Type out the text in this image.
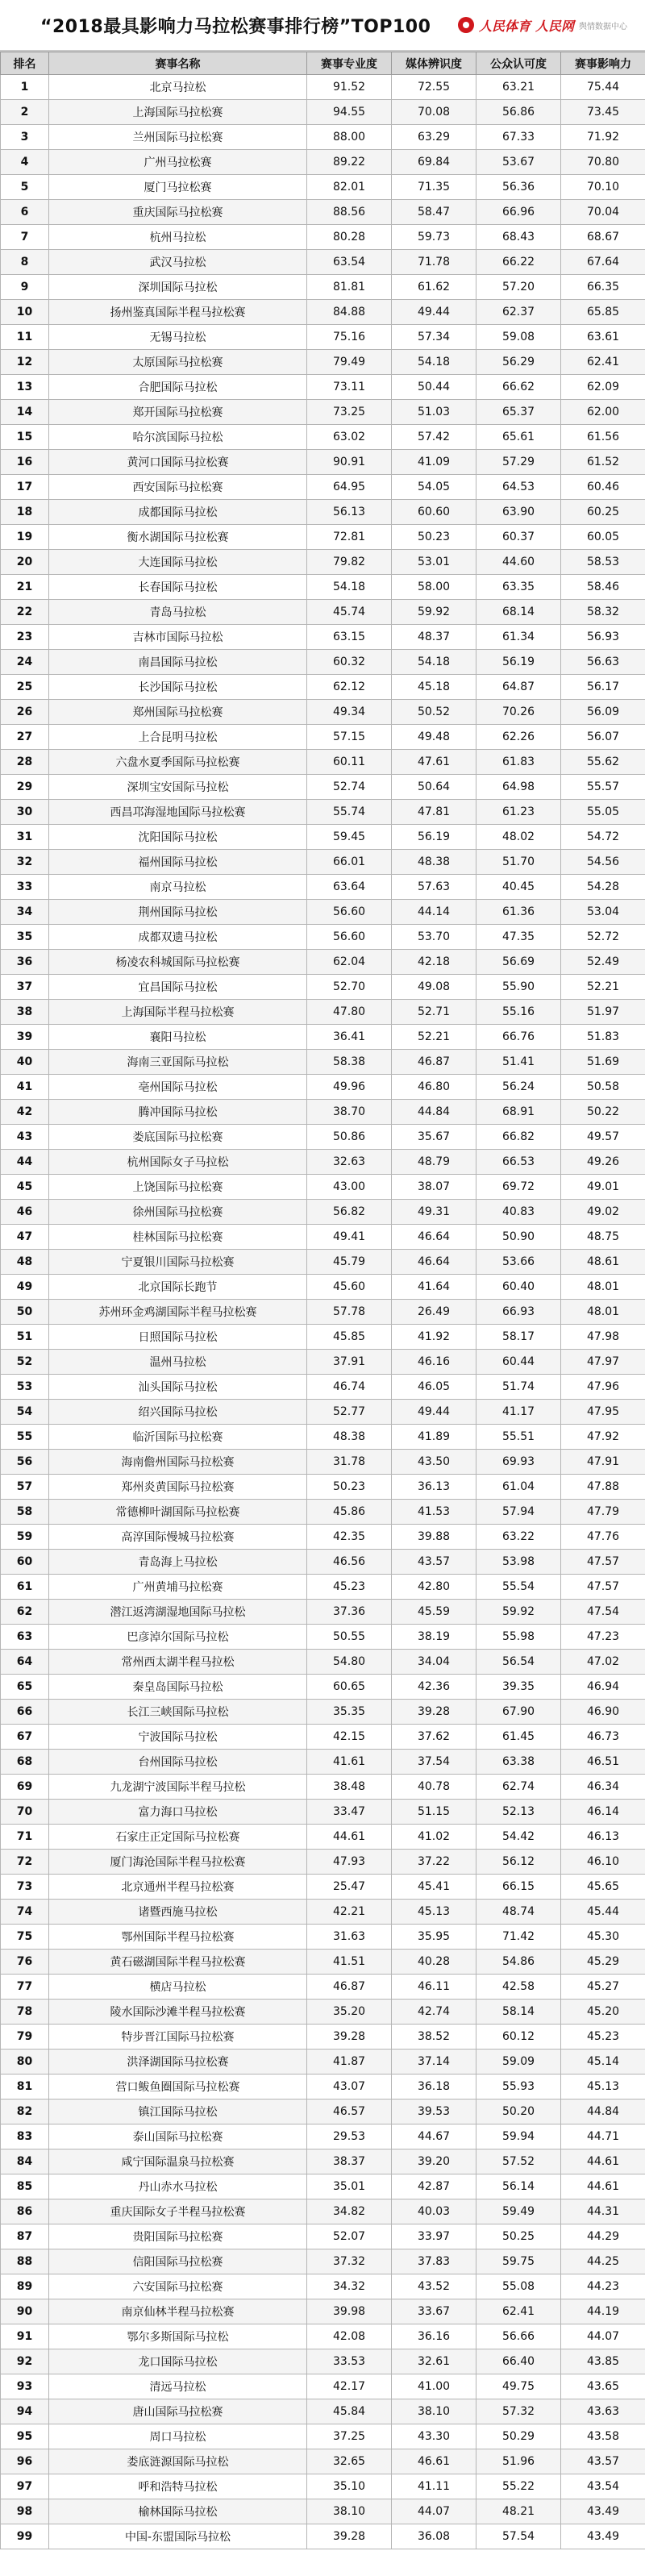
“2018最具影响力马拉松赛事排行榜”TOP100	人民体育 人民网 舆情数据中心
排名	赛事名称	赛事专业度	媒体辨识度	公众认可度	赛事影响力
1	北京马拉松	91.52	72.55	63.21	75.44
2	上海国际马拉松赛	94.55	70.08	56.86	73.45
3	兰州国际马拉松赛	88.00	63.29	67.33	71.92
4	广州马拉松赛	89.22	69.84	53.67	70.80
5	厦门马拉松赛	82.01	71.35	56.36	70.10
6	重庆国际马拉松赛	88.56	58.47	66.96	70.04
7	杭州马拉松	80.28	59.73	68.43	68.67
8	武汉马拉松	63.54	71.78	66.22	67.64
9	深圳国际马拉松	81.81	61.62	57.20	66.35
10	扬州鉴真国际半程马拉松赛	84.88	49.44	62.37	65.85
11	无锡马拉松	75.16	57.34	59.08	63.61
12	太原国际马拉松赛	79.49	54.18	56.29	62.41
13	合肥国际马拉松	73.11	50.44	66.62	62.09
14	郑开国际马拉松赛	73.25	51.03	65.37	62.00
15	哈尔滨国际马拉松	63.02	57.42	65.61	61.56
16	黄河口国际马拉松赛	90.91	41.09	57.29	61.52
17	西安国际马拉松赛	64.95	54.05	64.53	60.46
18	成都国际马拉松	56.13	60.60	63.90	60.25
19	衡水湖国际马拉松赛	72.81	50.23	60.37	60.05
20	大连国际马拉松	79.82	53.01	44.60	58.53
21	长春国际马拉松	54.18	58.00	63.35	58.46
22	青岛马拉松	45.74	59.92	68.14	58.32
23	吉林市国际马拉松	63.15	48.37	61.34	56.93
24	南昌国际马拉松	60.32	54.18	56.19	56.63
25	长沙国际马拉松	62.12	45.18	64.87	56.17
26	郑州国际马拉松赛	49.34	50.52	70.26	56.09
27	上合昆明马拉松	57.15	49.48	62.26	56.07
28	六盘水夏季国际马拉松赛	60.11	47.61	61.83	55.62
29	深圳宝安国际马拉松	52.74	50.64	64.98	55.57
30	西昌邛海湿地国际马拉松赛	55.74	47.81	61.23	55.05
31	沈阳国际马拉松	59.45	56.19	48.02	54.72
32	福州国际马拉松	66.01	48.38	51.70	54.56
33	南京马拉松	63.64	57.63	40.45	54.28
34	荆州国际马拉松	56.60	44.14	61.36	53.04
35	成都双遗马拉松	56.60	53.70	47.35	52.72
36	杨凌农科城国际马拉松赛	62.04	42.18	56.69	52.49
37	宜昌国际马拉松	52.70	49.08	55.90	52.21
38	上海国际半程马拉松赛	47.80	52.71	55.16	51.97
39	襄阳马拉松	36.41	52.21	66.76	51.83
40	海南三亚国际马拉松	58.38	46.87	51.41	51.69
41	亳州国际马拉松	49.96	46.80	56.24	50.58
42	腾冲国际马拉松	38.70	44.84	68.91	50.22
43	娄底国际马拉松赛	50.86	35.67	66.82	49.57
44	杭州国际女子马拉松	32.63	48.79	66.53	49.26
45	上饶国际马拉松赛	43.00	38.07	69.72	49.01
46	徐州国际马拉松赛	56.82	49.31	40.83	49.02
47	桂林国际马拉松赛	49.41	46.64	50.90	48.75
48	宁夏银川国际马拉松赛	45.79	46.64	53.66	48.61
49	北京国际长跑节	45.60	41.64	60.40	48.01
50	苏州环金鸡湖国际半程马拉松赛	57.78	26.49	66.93	48.01
51	日照国际马拉松	45.85	41.92	58.17	47.98
52	温州马拉松	37.91	46.16	60.44	47.97
53	汕头国际马拉松	46.74	46.05	51.74	47.96
54	绍兴国际马拉松	52.77	49.44	41.17	47.95
55	临沂国际马拉松赛	48.38	41.89	55.51	47.92
56	海南儋州国际马拉松赛	31.78	43.50	69.93	47.91
57	郑州炎黄国际马拉松赛	50.23	36.13	61.04	47.88
58	常德柳叶湖国际马拉松赛	45.86	41.53	57.94	47.79
59	高淳国际慢城马拉松赛	42.35	39.88	63.22	47.76
60	青岛海上马拉松	46.56	43.57	53.98	47.57
61	广州黄埔马拉松赛	45.23	42.80	55.54	47.57
62	潜江返湾湖湿地国际马拉松	37.36	45.59	59.92	47.54
63	巴彦淖尔国际马拉松	50.55	38.19	55.98	47.23
64	常州西太湖半程马拉松	54.80	34.04	56.54	47.02
65	秦皇岛国际马拉松	60.65	42.36	39.35	46.94
66	长江三峡国际马拉松	35.35	39.28	67.90	46.90
67	宁波国际马拉松	42.15	37.62	61.45	46.73
68	台州国际马拉松	41.61	37.54	63.38	46.51
69	九龙湖宁波国际半程马拉松	38.48	40.78	62.74	46.34
70	富力海口马拉松	33.47	51.15	52.13	46.14
71	石家庄正定国际马拉松赛	44.61	41.02	54.42	46.13
72	厦门海沧国际半程马拉松赛	47.93	37.22	56.12	46.10
73	北京通州半程马拉松赛	25.47	45.41	66.15	45.65
74	诸暨西施马拉松	42.21	45.13	48.74	45.44
75	鄂州国际半程马拉松赛	31.63	35.95	71.42	45.30
76	黄石磁湖国际半程马拉松赛	41.51	40.28	54.86	45.29
77	横店马拉松	46.87	46.11	42.58	45.27
78	陵水国际沙滩半程马拉松赛	35.20	42.74	58.14	45.20
79	特步晋江国际马拉松赛	39.28	38.52	60.12	45.23
80	洪泽湖国际马拉松赛	41.87	37.14	59.09	45.14
81	营口鲅鱼圈国际马拉松赛	43.07	36.18	55.93	45.13
82	镇江国际马拉松	46.57	39.53	50.20	44.84
83	泰山国际马拉松赛	29.53	44.67	59.94	44.71
84	咸宁国际温泉马拉松赛	38.37	39.20	57.52	44.61
85	丹山赤水马拉松	35.01	42.87	56.14	44.61
86	重庆国际女子半程马拉松赛	34.82	40.03	59.49	44.31
87	贵阳国际马拉松赛	52.07	33.97	50.25	44.29
88	信阳国际马拉松赛	37.32	37.83	59.75	44.25
89	六安国际马拉松赛	34.32	43.52	55.08	44.23
90	南京仙林半程马拉松赛	39.98	33.67	62.41	44.19
91	鄂尔多斯国际马拉松	42.08	36.16	56.66	44.07
92	龙口国际马拉松	33.53	32.61	66.40	43.85
93	清远马拉松	42.17	41.00	49.75	43.65
94	唐山国际马拉松赛	45.84	38.10	57.32	43.63
95	周口马拉松	37.25	43.30	50.29	43.58
96	娄底涟源国际马拉松	32.65	46.61	51.96	43.57
97	呼和浩特马拉松	35.10	41.11	55.22	43.54
98	榆林国际马拉松	38.10	44.07	48.21	43.49
99	中国-东盟国际马拉松	39.28	36.08	57.54	43.49
